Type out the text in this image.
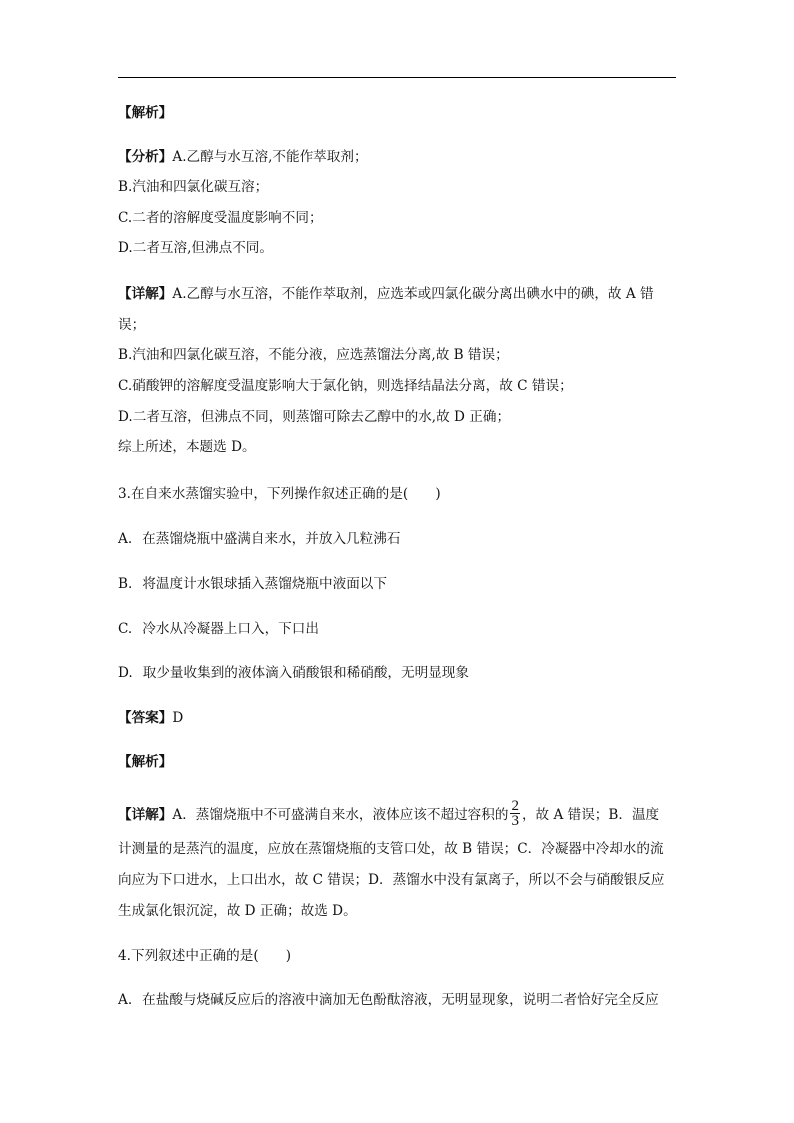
【解析】
【分析】A.乙醇与水互溶,不能作萃取剂；
B.汽油和四氯化碳互溶；
C.二者的溶解度受温度影响不同；
D.二者互溶,但沸点不同。
【详解】A.乙醇与水互溶，不能作萃取剂，应选苯或四氯化碳分离出碘水中的碘，故 A 错
误；
B.汽油和四氯化碳互溶，不能分液，应选蒸馏法分离,故 B 错误；
C.硝酸钾的溶解度受温度影响大于氯化钠，则选择结晶法分离，故 C 错误；
D.二者互溶，但沸点不同，则蒸馏可除去乙醇中的水,故 D 正确；
综上所述，本题选 D。
3.在自来水蒸馏实验中，下列操作叙述正确的是(　　)
A. 在蒸馏烧瓶中盛满自来水，并放入几粒沸石
B. 将温度计水银球插入蒸馏烧瓶中液面以下
C. 冷水从冷凝器上口入，下口出
D. 取少量收集到的液体滴入硝酸银和稀硝酸，无明显现象
【答案】D
【解析】
【详解】A．蒸馏烧瓶中不可盛满自来水，液体应该不超过容积的 $\frac{2}{3}$ ，故 A 错误；B．温度
计测量的是蒸汽的温度，应放在蒸馏烧瓶的支管口处，故 B 错误；C．冷凝器中冷却水的流
向应为下口进水，上口出水，故 C 错误；D．蒸馏水中没有氯离子，所以不会与硝酸银反应
生成氯化银沉淀，故 D 正确；故选 D。
4.下列叙述中正确的是(　　)
A. 在盐酸与烧碱反应后的溶液中滴加无色酚酞溶液，无明显现象，说明二者恰好完全反应
